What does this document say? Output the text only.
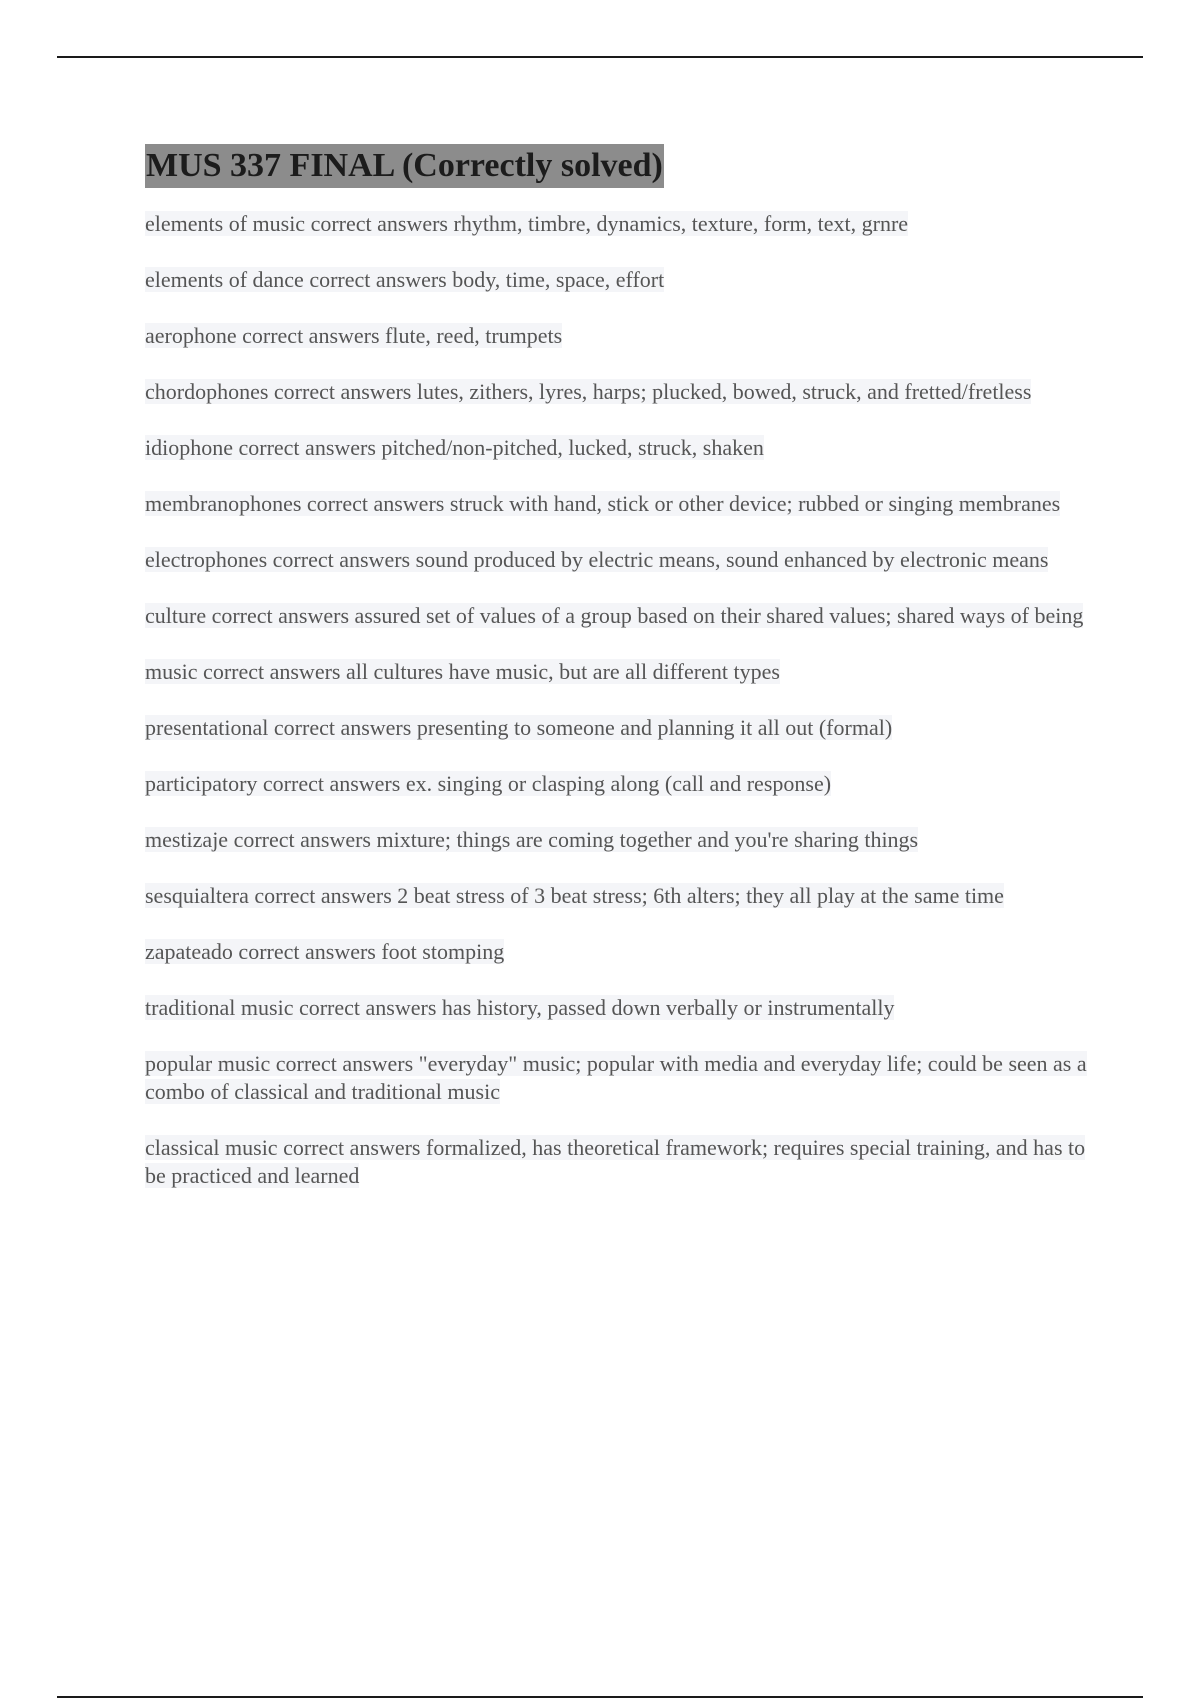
MUS 337 FINAL (Correctly solved)
elements of music correct answers rhythm, timbre, dynamics, texture, form, text, grnre
elements of dance correct answers body, time, space, effort
aerophone correct answers flute, reed, trumpets
chordophones correct answers lutes, zithers, lyres, harps; plucked, bowed, struck, and fretted/fretless
idiophone correct answers pitched/non-pitched, lucked, struck, shaken
membranophones correct answers struck with hand, stick or other device; rubbed or singing membranes
electrophones correct answers sound produced by electric means, sound enhanced by electronic means
culture correct answers assured set of values of a group based on their shared values; shared ways of being
music correct answers all cultures have music, but are all different types
presentational correct answers presenting to someone and planning it all out (formal)
participatory correct answers ex. singing or clasping along (call and response)
mestizaje correct answers mixture; things are coming together and you're sharing things
sesquialtera correct answers 2 beat stress of 3 beat stress; 6th alters; they all play at the same time
zapateado correct answers foot stomping
traditional music correct answers has history, passed down verbally or instrumentally
popular music correct answers "everyday" music; popular with media and everyday life; could be seen as a combo of classical and traditional music
classical music correct answers formalized, has theoretical framework; requires special training, and has to be practiced and learned
